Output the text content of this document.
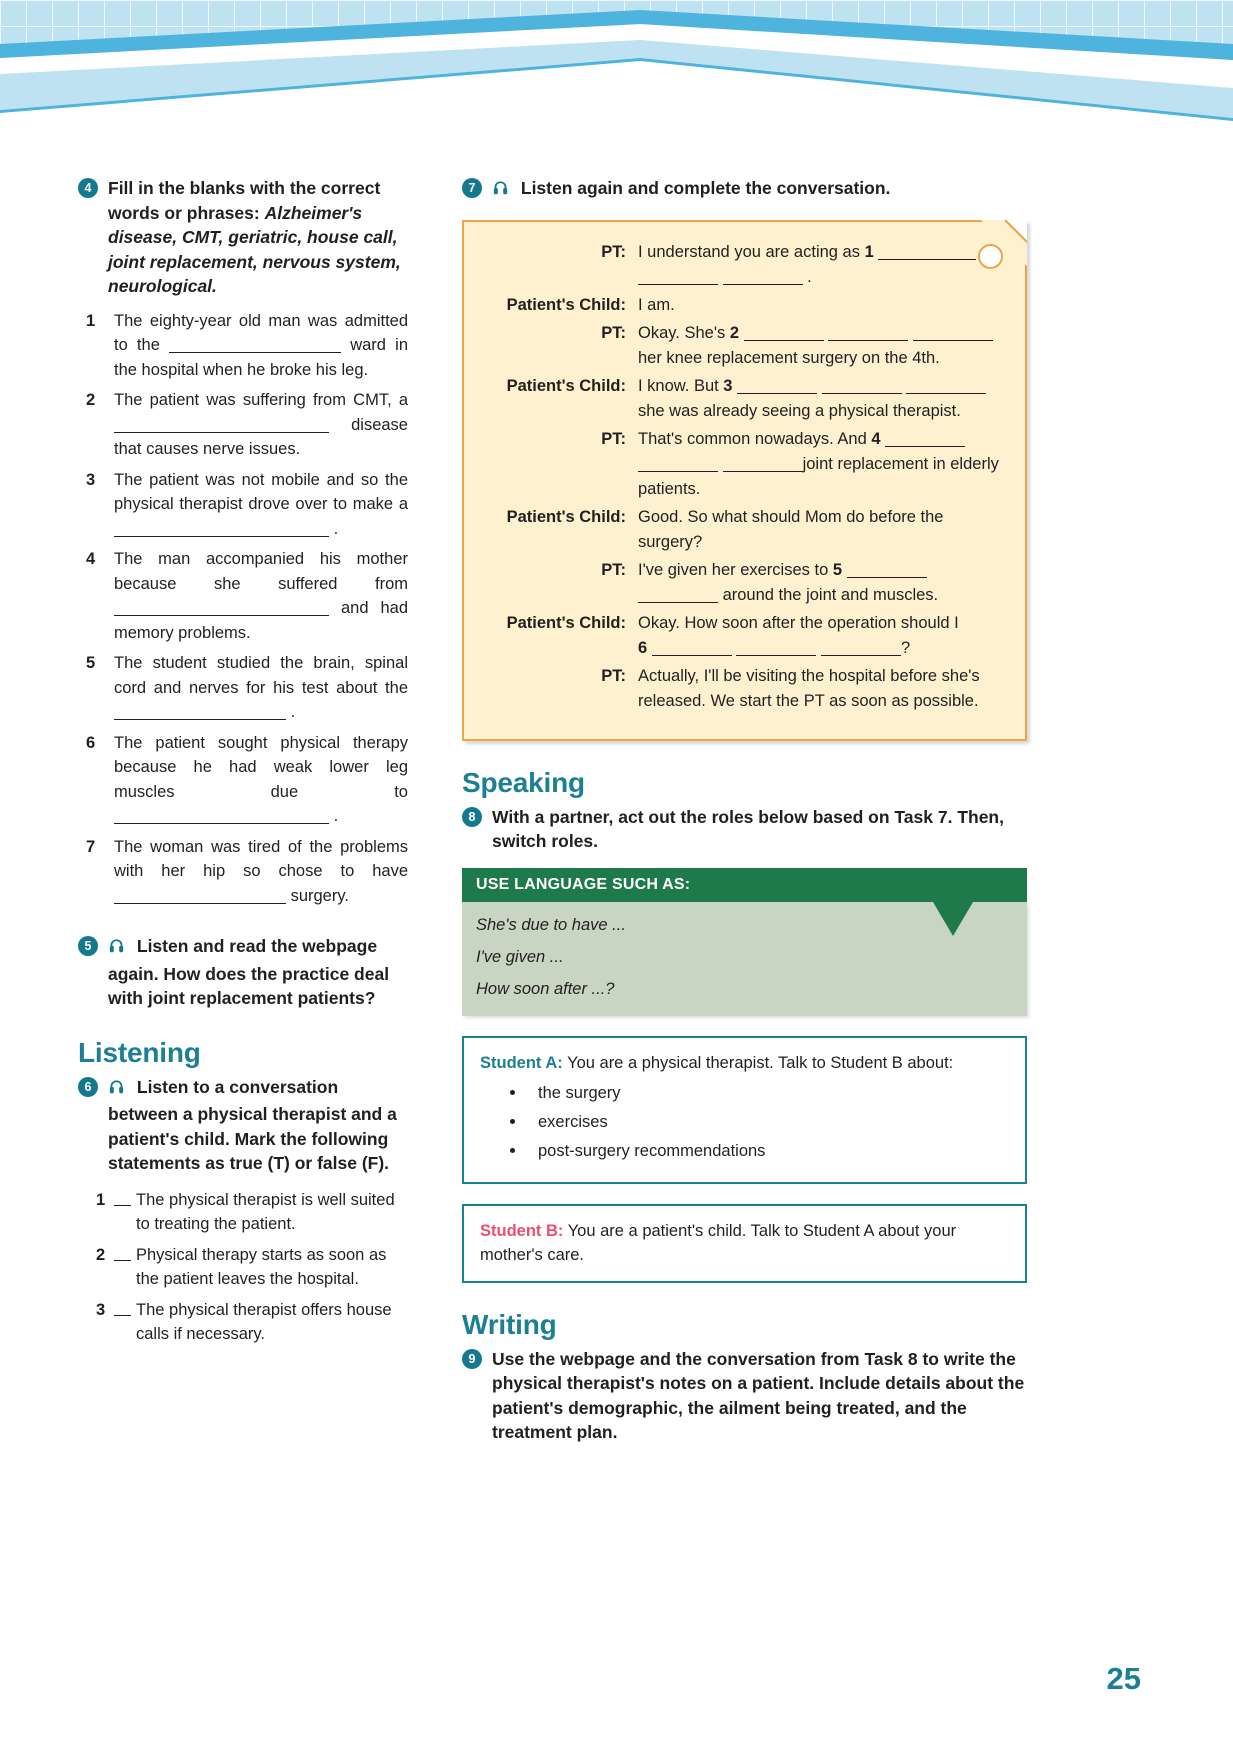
4 Fill in the blanks with the correct words or phrases: Alzheimer's disease, CMT, geriatric, house call, joint replacement, nervous system, neurological.
1 The eighty-year old man was admitted to the	ward in the hospital when he broke his leg.
2 The patient was suffering from CMT, a  disease that causes nerve issues.
3 The patient was not mobile and so the physical therapist drove over to make a  .
4 The man accompanied his mother because she suffered from  and had memory problems.
5 The student studied the brain, spinal cord and nerves for his test about the  .
6 The patient sought physical therapy because he had weak lower leg muscles due to  .
7 The woman was tired of the problems with her hip so chose to have  surgery.
5	Listen and read the webpage again. How does the practice deal with joint replacement patients?
Listening
6	Listen to a conversation between a physical therapist and a patient's child. Mark the following statements as true (T) or false (F).
1 The physical therapist is well suited to treating the patient.
2 Physical therapy starts as soon as the patient leaves the hospital.
3 The physical therapist offers house calls if necessary.
7	Listen again and complete the conversation.
PT:	I understand you are acting as 1
.
Patient's Child:	I am.
PT:	Okay. She's 2    her knee replacement surgery on the 4th.
Patient's Child:	I know. But 3   she was already seeing a physical therapist.
PT:	That's common nowadays. And 4
joint replacement in elderly patients.
Patient's Child:	Good. So what should Mom do before the surgery?
PT:	I've given her exercises to 5   around the joint and muscles.
Patient's Child:	Okay. How soon after the operation should I
6 ?
PT:	Actually, I'll be visiting the hospital before she's released. We start the PT as soon as possible.
Speaking
8 With a partner, act out the roles below based on Task 7. Then, switch roles.
USE LANGUAGE SUCH AS:

She's due to have ...

I've given ...

How soon after ...?

Student A: You are a physical therapist. Talk to Student B about:
the surgery
exercises
post-surgery recommendations
Student B: You are a patient's child. Talk to Student A about your mother's care.
Writing
9 Use the webpage and the conversation from Task 8 to write the physical therapist's notes on a patient. Include details about the patient's demographic, the ailment being treated, and the treatment plan.
25
